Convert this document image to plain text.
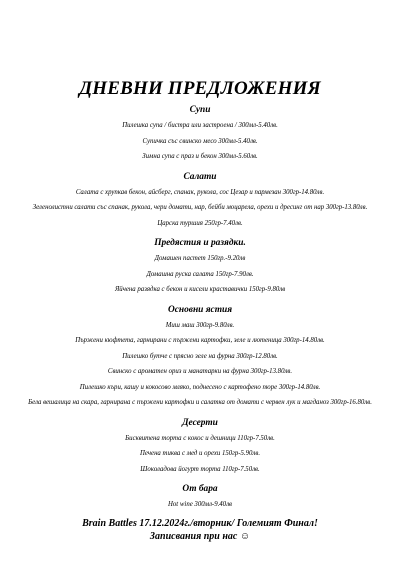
ДНЕВНИ ПРЕДЛОЖЕНИЯ

Супи

Пилешка супа / бистра или застроена / 300мл-5.40лв.

Супичка със свинско месо 300мл-5.40лв.

Зимна супа с праз и бекон 300мл-5.60лв.

Салати

Салата с хрупкав бекон, айсберг, спанак, рукола, сос Цезар и пармезан 300гр-14.80лв.

Зеленолистни салати със спанак, рукола, чери домати, нар, бейби моцарела, орехи и дресинг от нар 300гр-13.80лв.

Царска туршия 250гр-7.40лв.

Предястия и разядки.

Домашен пастет 150гр.-9.20лв

Домашна руска салата 150гр-7.90лв.

Яйчена разядка с бекон и кисели краставички 150гр-9.80лв

Основни ястия

Миш маш 300гр-9.80лв.

Пържени кюфтета, гарнирани с пържени картофки, зеле и лютеница 300гр-14.80лв.

Пилешко бутче с прясно зеле на фурна 300гр-12.80лв.

Свинско с ароматен ориз и манатарки на фурна 300гр-13.80лв.

Пилешко къри, кашу и кокосово мляко, поднесено с картофено пюре 300гр-14.80лв.

Бела вешалица на скара, гарнирана с пържени картофки и салатка от домати с червен лук и магданоз 300гр-16.80лв.

Десерти

Бисквитена торта с кокос и дешници 110гр-7.50лв.

Печена тиква с мед и орехи 150гр-5.90лв.

Шоколадова йогурт торта 110гр-7.50лв.

От бара

Hot wine 300мл-9.40лв

Brain Battles 17.12.2024г./вторник/ Големият Финал!

Записвания при нас ☺
